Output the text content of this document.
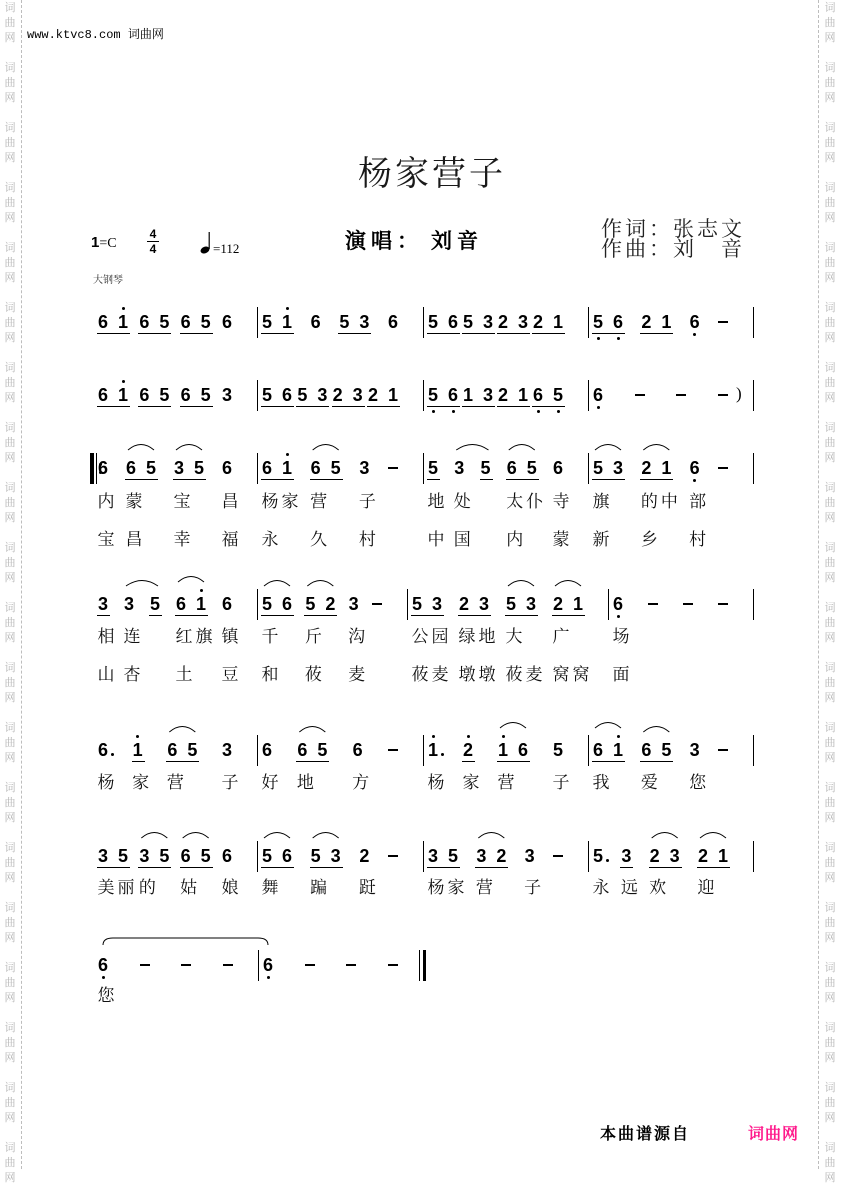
词
曲
网
词
曲
网
词
曲
网
词
曲
网
词
曲
网
词
曲
网
词
曲
网
词
曲
网
词
曲
网
词
曲
网
词
曲
网
词
曲
网
词
曲
网
词
曲
网
词
曲
网
词
曲
网
词
曲
网
词
曲
网
词
曲
网
词
曲
网
词
曲
网
词
曲
网
词
曲
网
词
曲
网
词
曲
网
词
曲
网
词
曲
网
词
曲
网
词
曲
网
词
曲
网
词
曲
网
词
曲
网
词
曲
网
词
曲
网
词
曲
网
词
曲
网
词
曲
网
词
曲
网
词
曲
网
词
曲
网
www.ktvc8.com 词曲网
杨家营子
1=C
4
4	=112	演唱： 刘音	作词：张志文
作曲：刘　音
大钢琴
6 1 6 5 6 5 6 5 1 6 5 3 6 5 6 5 3 2 3 2 1 5 6 2 1 6
6 1 6 5 6 5 3 5 6 5 3 2 3 2 1 5 6 1 3 2 1 6 5 6	)
6 6 5 3 5 6
内 蒙 宝 昌
宝 昌 幸 福
6 1 6 5 3
杨 家 营 子
永 久 村
5 3 5 6 5 6
地 处 太 仆 寺
中 国 内 蒙
5 3 2 1 6
旗 的 中 部
新 乡 村
3 3 5 6 1 6
相 连 红 旗 镇
山 杏 土 豆
5 6 5 2 3
千 斤 沟
和 莜 麦
5 3 2 3 5 3 2 1
公 园 绿 地 大 广
莜 麦 墩 墩 莜 麦 窝 窝
6
场
面
6 1 6 5 3
杨 家 营 子
6 6 5 6
好 地 方
1 2 1 6 5
杨 家 营 子
6 1 6 5 3
我 爱 您
3 5 3 5 6 5 6
美 丽 的 姑 娘
5 6 5 3 2
舞 蹁 跹
3 5 3 2 3
杨 家 营 子
5 3 2 3 2 1
永 远 欢 迎
6
您
6
本曲谱源自	词曲网
